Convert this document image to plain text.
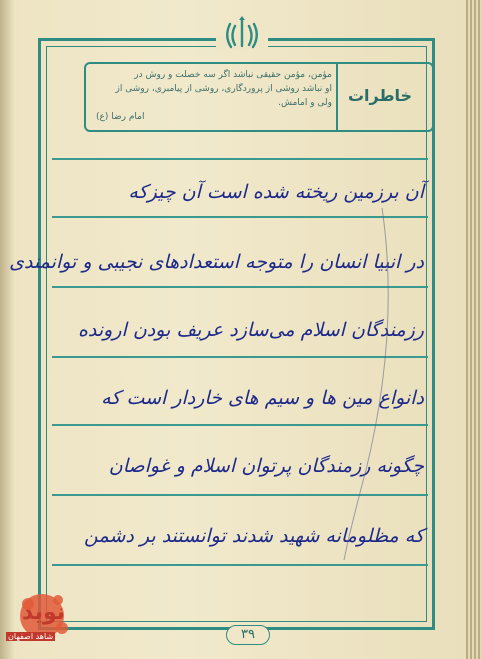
خاطرات
مؤمن، مؤمن حقیقی نباشد اگر سه خصلت و روش در
او نباشد روشی از پروردگاری، روشی از پیامبری، روشی از
ولی و امامش.
امام رضا (ع)
آن برزمین ریخته شده است آن چیزکه
در انبیا انسان را متوجه استعدادهای نجیبی و توانمندی
رزمندگان اسلام می‌سازد عریف بودن ارونده
دانواع مین ها و سیم های خاردار است که
چگونه رزمندگان پرتوان اسلام و غواصان
که مظلومانه شهید شدند توانستند بر دشمن
۳۹
نوید
شاهد اصفهان
